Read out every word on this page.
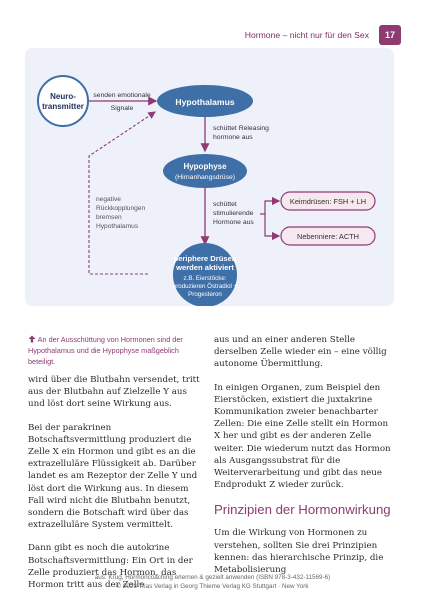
Hormone – nicht nur für den Sex	17
Neuro-
transmitter
senden emotionale
Signale
Hypothalamus
schüttet Releasing
hormone aus
Hypophyse
(Hirnanhangsdrüse)
schüttet
stimulierende
Hormone aus
Keimdrüsen: FSH + LH
Nebenniere: ACTH
negative
Rückkopplungen
bremsen
Hypothalamus
periphere Drüsen
werden aktiviert
z.B. Eierstöcke:
produzieren Östradiol +
Progesteron

An der Ausschüttung von Hormonen sind der Hypothalamus und die Hypophyse maßgeblich beteiligt.

wird über die Blutbahn versendet, tritt aus der Blutbahn auf Zielzelle Y aus und löst dort seine Wirkung aus.

Bei der parakrinen Botschaftsvermittlung produziert die Zelle X ein Hormon und gibt es an die extrazelluläre Flüssigkeit ab. Darüber landet es am Rezeptor der Zelle Y und löst dort die Wirkung aus. In diesem Fall wird nicht die Blutbahn benutzt, sondern die Botschaft wird über das extrazelluläre System vermittelt.

Dann gibt es noch die autokrine Botschaftsvermittlung: Ein Ort in der Zelle produziert das Hormon, das Hormon tritt aus der Zelle

aus und an einer anderen Stelle derselben Zelle wieder ein – eine völlig autonome Übermittlung.

In einigen Organen, zum Beispiel den Eierstöcken, existiert die juxtakrine Kommunikation zweier benachbarter Zellen: Die eine Zelle stellt ein Hormon X her und gibt es der anderen Zelle weiter. Die wiederum nutzt das Hormon als Ausgangssubstrat für die Weiterverarbeitung und gibt das neue Endprodukt Z wieder zurück.

Prinzipien der Hormonwirkung

Um die Wirkung von Hormonen zu verstehen, sollten Sie drei Prinzipien kennen: das hierarchische Prinzip, die Metabolisierung

aus: Krug, Hormoncoaching erlernen & gezielt anwenden (ISBN 978-3-432-11569-6)
© 2023 Trias Verlag in Georg Thieme Verlag KG Stuttgart · New York
